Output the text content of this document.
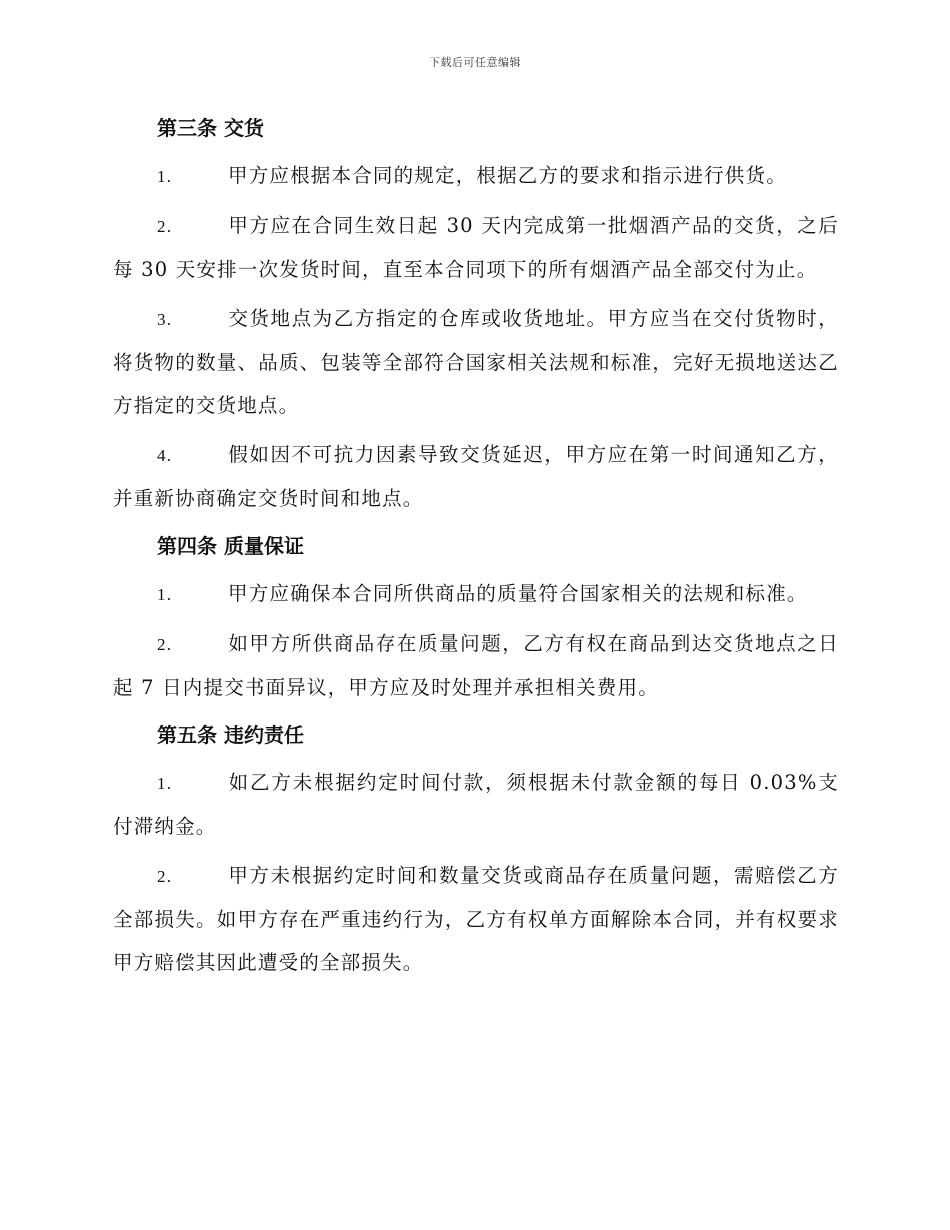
下载后可任意编辑
第三条 交货

1.	甲方应根据本合同的规定，根据乙方的要求和指示进行供货。

2.	甲方应在合同生效日起 30 天内完成第一批烟酒产品的交货，之后每 30 天安排一次发货时间，直至本合同项下的所有烟酒产品全部交付为止。

3.	交货地点为乙方指定的仓库或收货地址。甲方应当在交付货物时，将货物的数量、品质、包装等全部符合国家相关法规和标准，完好无损地送达乙方指定的交货地点。

4.	假如因不可抗力因素导致交货延迟，甲方应在第一时间通知乙方，并重新协商确定交货时间和地点。

第四条 质量保证

1.	甲方应确保本合同所供商品的质量符合国家相关的法规和标准。

2.	如甲方所供商品存在质量问题，乙方有权在商品到达交货地点之日起 7 日内提交书面异议，甲方应及时处理并承担相关费用。

第五条 违约责任

1.	如乙方未根据约定时间付款，须根据未付款金额的每日 0.03%支付滞纳金。

2.	甲方未根据约定时间和数量交货或商品存在质量问题，需赔偿乙方全部损失。如甲方存在严重违约行为，乙方有权单方面解除本合同，并有权要求甲方赔偿其因此遭受的全部损失。
